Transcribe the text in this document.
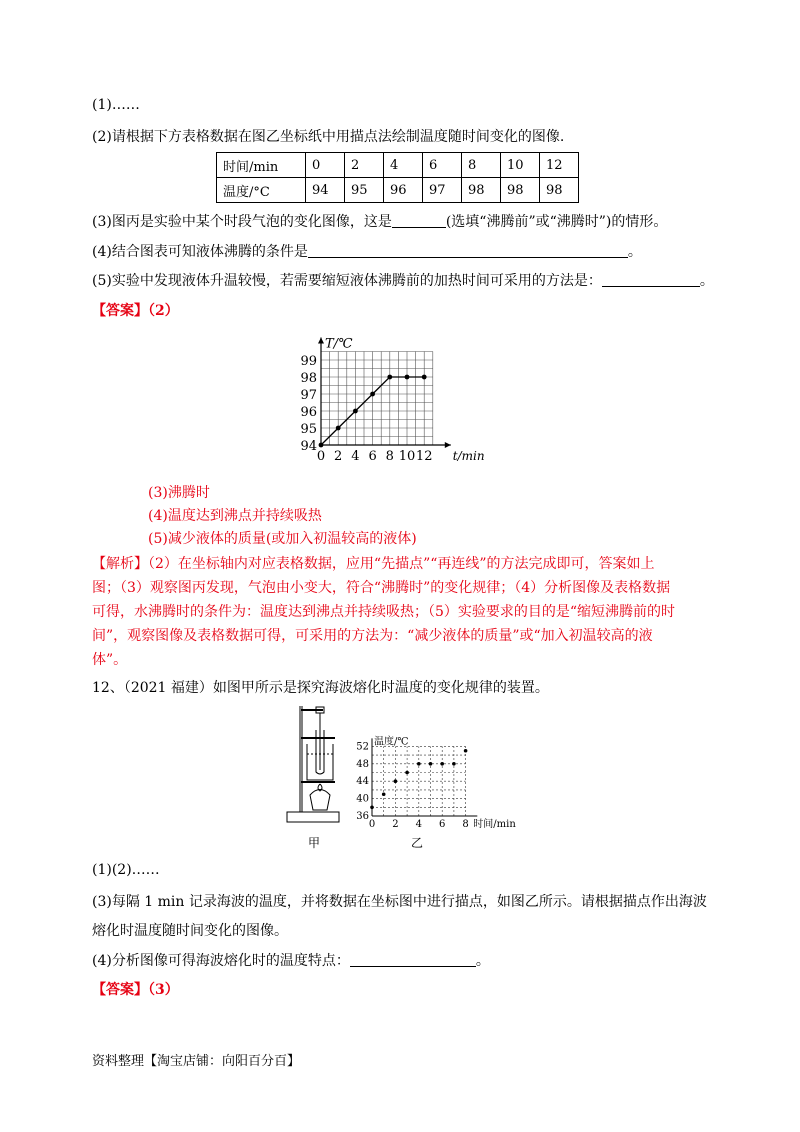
(1)……
(2)请根据下方表格数据在图乙坐标纸中用描点法绘制温度随时间变化的图像.
时间/min	0	2	4	6	8	10	12
温度/°C	94	95	96	97	98	98	98
(3)图丙是实验中某个时段气泡的变化图像，这是	(选填“沸腾前”或“沸腾时”)的情形。
(4)结合图表可知液体沸腾的条件是	。
(5)实验中发现液体升温较慢，若需要缩短液体沸腾前的加热时间可采用的方法是：	。
【答案】（2）
0 2 4 6 8 10 12
94
95
96
97
98
99
t/min
T/℃
(3)沸腾时
(4)温度达到沸点并持续吸热
(5)减少液体的质量(或加入初温较高的液体)
【解析】（2）在坐标轴内对应表格数据，应用“先描点”“再连线”的方法完成即可，答案如上
图；（3）观察图丙发现，气泡由小变大，符合“沸腾时”的变化规律；（4）分析图像及表格数据
可得，水沸腾时的条件为：温度达到沸点并持续吸热；（5）实验要求的目的是“缩短沸腾前的时
间”，观察图像及表格数据可得，可采用的方法为：“减少液体的质量”或“加入初温较高的液
体”。
12、（2021 福建）如图甲所示是探究海波熔化时温度的变化规律的装置。
甲
0 2 4 6 8
36
40
44
48
52
时间/min
温度/℃
乙
(1)(2)……
(3)每隔 1 min 记录海波的温度，并将数据在坐标图中进行描点，如图乙所示。请根据描点作出海波
熔化时温度随时间变化的图像。
(4)分析图像可得海波熔化时的温度特点：	。
【答案】（3）
资料整理【淘宝店铺：向阳百分百】
